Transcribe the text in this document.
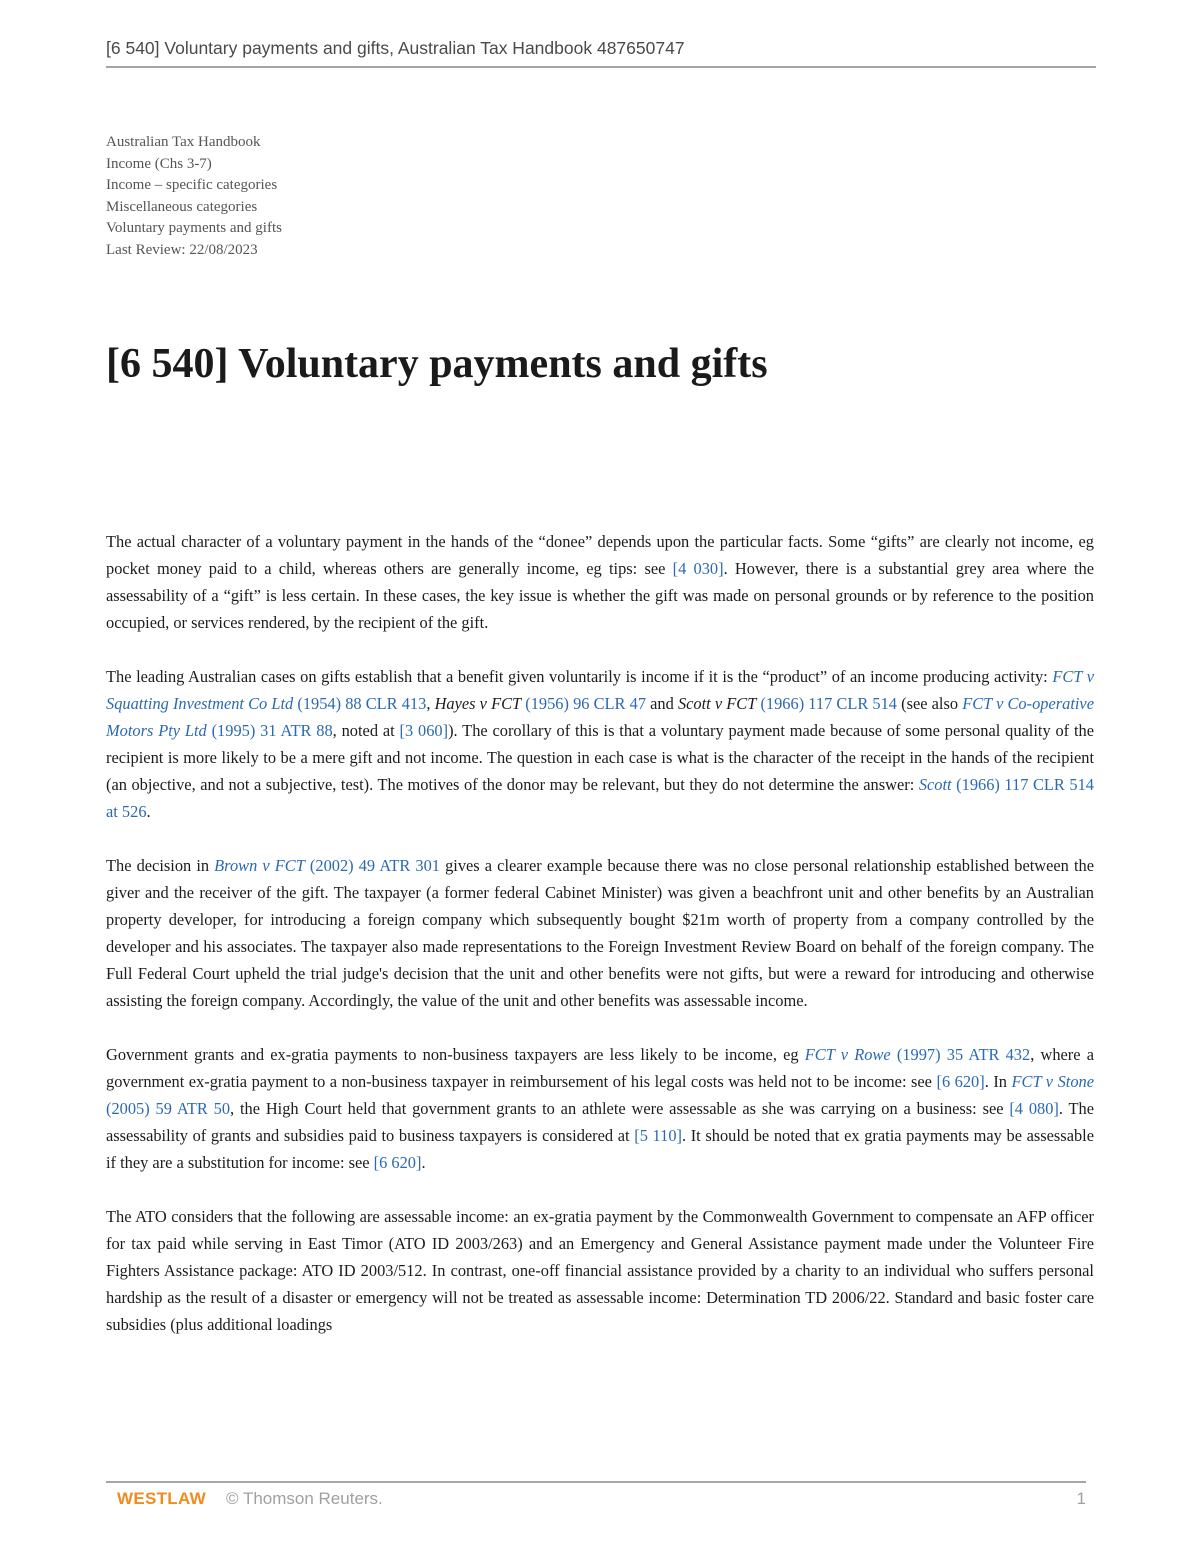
[6 540] Voluntary payments and gifts, Australian Tax Handbook 487650747
Australian Tax Handbook
Income (Chs 3-7)
Income – specific categories
Miscellaneous categories
Voluntary payments and gifts
Last Review: 22/08/2023
[6 540] Voluntary payments and gifts

The actual character of a voluntary payment in the hands of the “donee” depends upon the particular facts. Some “gifts” are clearly not income, eg pocket money paid to a child, whereas others are generally income, eg tips: see [4 030]. However, there is a substantial grey area where the assessability of a “gift” is less certain. In these cases, the key issue is whether the gift was made on personal grounds or by reference to the position occupied, or services rendered, by the recipient of the gift.

The leading Australian cases on gifts establish that a benefit given voluntarily is income if it is the “product” of an income producing activity: FCT v Squatting Investment Co Ltd (1954) 88 CLR 413, Hayes v FCT (1956) 96 CLR 47 and Scott v FCT (1966) 117 CLR 514 (see also FCT v Co-operative Motors Pty Ltd (1995) 31 ATR 88, noted at [3 060]). The corollary of this is that a voluntary payment made because of some personal quality of the recipient is more likely to be a mere gift and not income. The question in each case is what is the character of the receipt in the hands of the recipient (an objective, and not a subjective, test). The motives of the donor may be relevant, but they do not determine the answer: Scott (1966) 117 CLR 514 at 526.

The decision in Brown v FCT (2002) 49 ATR 301 gives a clearer example because there was no close personal relationship established between the giver and the receiver of the gift. The taxpayer (a former federal Cabinet Minister) was given a beachfront unit and other benefits by an Australian property developer, for introducing a foreign company which subsequently bought $21m worth of property from a company controlled by the developer and his associates. The taxpayer also made representations to the Foreign Investment Review Board on behalf of the foreign company. The Full Federal Court upheld the trial judge's decision that the unit and other benefits were not gifts, but were a reward for introducing and otherwise assisting the foreign company. Accordingly, the value of the unit and other benefits was assessable income.

Government grants and ex-gratia payments to non-business taxpayers are less likely to be income, eg FCT v Rowe (1997) 35 ATR 432, where a government ex-gratia payment to a non-business taxpayer in reimbursement of his legal costs was held not to be income: see [6 620]. In FCT v Stone (2005) 59 ATR 50, the High Court held that government grants to an athlete were assessable as she was carrying on a business: see [4 080]. The assessability of grants and subsidies paid to business taxpayers is considered at [5 110]. It should be noted that ex gratia payments may be assessable if they are a substitution for income: see [6 620].

The ATO considers that the following are assessable income: an ex-gratia payment by the Commonwealth Government to compensate an AFP officer for tax paid while serving in East Timor (ATO ID 2003/263) and an Emergency and General Assistance payment made under the Volunteer Fire Fighters Assistance package: ATO ID 2003/512. In contrast, one-off financial assistance provided by a charity to an individual who suffers personal hardship as the result of a disaster or emergency will not be treated as assessable income: Determination TD 2006/22. Standard and basic foster care subsidies (plus additional loadings

WESTLAW © Thomson Reuters.	1
